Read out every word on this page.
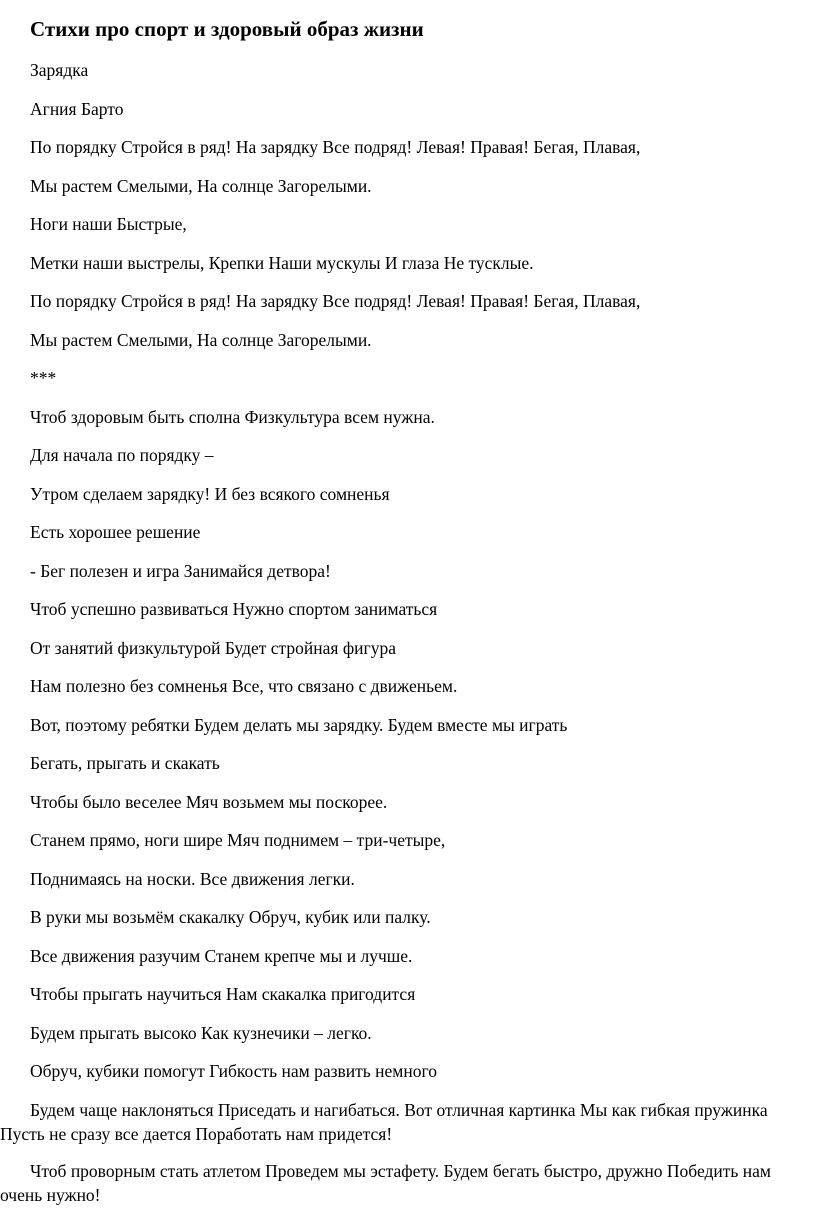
Стихи про спорт и здоровый образ жизни

Зарядка

Агния Барто

По порядку Стройся в ряд! На зарядку Все подряд! Левая! Правая! Бегая, Плавая,

Мы растем Смелыми, На солнце Загорелыми.

Ноги наши Быстрые,

Метки наши выстрелы, Крепки Наши мускулы И глаза Не тусклые.

По порядку Стройся в ряд! На зарядку Все подряд! Левая! Правая! Бегая, Плавая,

Мы растем Смелыми, На солнце Загорелыми.

***

Чтоб здоровым быть сполна Физкультура всем нужна.

Для начала по порядку –

Утром сделаем зарядку! И без всякого сомненья

Есть хорошее решение

- Бег полезен и игра Занимайся детвора!

Чтоб успешно развиваться Нужно спортом заниматься

От занятий физкультурой Будет стройная фигура

Нам полезно без сомненья Все, что связано с движеньем.

Вот, поэтому ребятки Будем делать мы зарядку. Будем вместе мы играть

Бегать, прыгать и скакать

Чтобы было веселее Мяч возьмем мы поскорее.

Станем прямо, ноги шире Мяч поднимем – три-четыре,

Поднимаясь на носки. Все движения легки.

В руки мы возьмём скакалку Обруч, кубик или палку.

Все движения разучим Станем крепче мы и лучше.

Чтобы прыгать научиться Нам скакалка пригодится

Будем прыгать высоко Как кузнечики – легко.

Обруч, кубики помогут Гибкость нам развить немного

Будем чаще наклоняться Приседать и нагибаться. Вот отличная картинка Мы как гибкая пружинка Пусть не сразу все дается Поработать нам придется!

Чтоб проворным стать атлетом Проведем мы эстафету. Будем бегать быстро, дружно Победить нам очень нужно!
